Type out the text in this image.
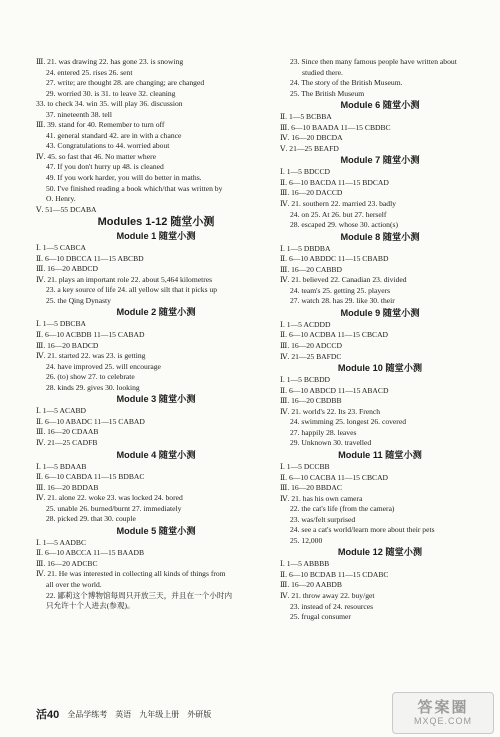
Ⅲ. 21. was drawing 22. has gone 23. is snowing
24. entered 25. rises 26. sent
27. write; are thought 28. are changing; are changed
29. worried 30. is 31. to leave 32. cleaning
33. to check 34. win 35. will play 36. discussion
37. nineteenth 38. tell
Ⅲ. 39. stand for 40. Remember to turn off
41. general standard 42. are in with a chance
43. Congratulations to 44. worried about
Ⅳ. 45. so fast that 46. No matter where
47. If you don't hurry up 48. is cleaned
49. If you work harder, you will do better in maths.
50. I've finished reading a book which/that was written by
O. Henry.
Ⅴ. 51—55 DCABA
Modules 1-12 随堂小测
Module 1 随堂小测
Ⅰ. 1—5 CABCA
Ⅱ. 6—10 DBCCA 11—15 ABCBD
Ⅲ. 16—20 ABDCD
Ⅳ. 21. plays an important role 22. about 5,464 kilometres
23. a key source of life 24. all yellow silt that it picks up
25. the Qing Dynasty
Module 2 随堂小测
Ⅰ. 1—5 DBCBA
Ⅱ. 6—10 ACBDB 11—15 CABAD
Ⅲ. 16—20 BADCD
Ⅳ. 21. started 22. was 23. is getting
24. have improved 25. will encourage
26. (to) show 27. to celebrate
28. kinds 29. gives 30. looking
Module 3 随堂小测
Ⅰ. 1—5 ACABD
Ⅱ. 6—10 ABADC 11—15 CABAD
Ⅲ. 16—20 CDAAB
Ⅳ. 21—25 CADFB
Module 4 随堂小测
Ⅰ. 1—5 BDAAB
Ⅱ. 6—10 CABDA 11—15 BDBAC
Ⅲ. 16—20 BDDAB
Ⅳ. 21. alone 22. woke 23. was locked 24. bored
25. unable 26. burned/burnt 27. immediately
28. picked 29. that 30. couple
Module 5 随堂小测
Ⅰ. 1—5 AADBC
Ⅱ. 6—10 ABCCA 11—15 BAADB
Ⅲ. 16—20 ADCBC
Ⅳ. 21. He was interested in collecting all kinds of things from
all over the world.
22. 鄙莉这个博物馆每周只开放三天，并且在一个小时内
只允许十个人进去(参观)。
23. Since then many famous people have written about
studied there.
24. The story of the British Museum.
25. The British Museum
Module 6 随堂小测
Ⅱ. 1—5 BCBBA
Ⅲ. 6—10 BAADA 11—15 CBDBC
Ⅳ. 16—20 DBCDA
Ⅴ. 21—25 BEAFD
Module 7 随堂小测
Ⅰ. 1—5 BDCCD
Ⅱ. 6—10 BACDA 11—15 BDCAD
Ⅲ. 16—20 DACCD
Ⅳ. 21. southern 22. married 23. badly
24. on 25. At 26. but 27. herself
28. escaped 29. whose 30. action(s)
Module 8 随堂小测
Ⅰ. 1—5 DBDBA
Ⅱ. 6—10 ABDDC 11—15 CBABD
Ⅲ. 16—20 CABBD
Ⅳ. 21. believed 22. Canadian 23. divided
24. team's 25. getting 25. players
27. watch 28. has 29. like 30. their
Module 9 随堂小测
Ⅰ. 1—5 ACDDD
Ⅱ. 6—10 ACDBA 11—15 CBCAD
Ⅲ. 16—20 ADCCD
Ⅳ. 21—25 BAFDC
Module 10 随堂小测
Ⅰ. 1—5 BCBDD
Ⅱ. 6—10 ABDCD 11—15 ABACD
Ⅲ. 16—20 CBDBB
Ⅳ. 21. world's 22. Its 23. French
24. swimming 25. longest 26. covered
27. happily 28. leaves
29. Unknown 30. travelled
Module 11 随堂小测
Ⅰ. 1—5 DCCBB
Ⅱ. 6—10 CACBA 11—15 CBCAD
Ⅲ. 16—20 BBDAC
Ⅳ. 21. has his own camera
22. the cat's life (from the camera)
23. was/felt surprised
24. see a cat's world/learn more about their pets
25. 12,000
Module 12 随堂小测
Ⅰ. 1—5 ABBBB
Ⅱ. 6—10 BCDAB 11—15 CDABC
Ⅲ. 16—20 AABDB
Ⅳ. 21. throw away 22. buy/get
23. instead of 24. resources
25. frugal consumer
活40 全品学练考 英语 九年级上册 外研版	答案圈
MXQE.COM
